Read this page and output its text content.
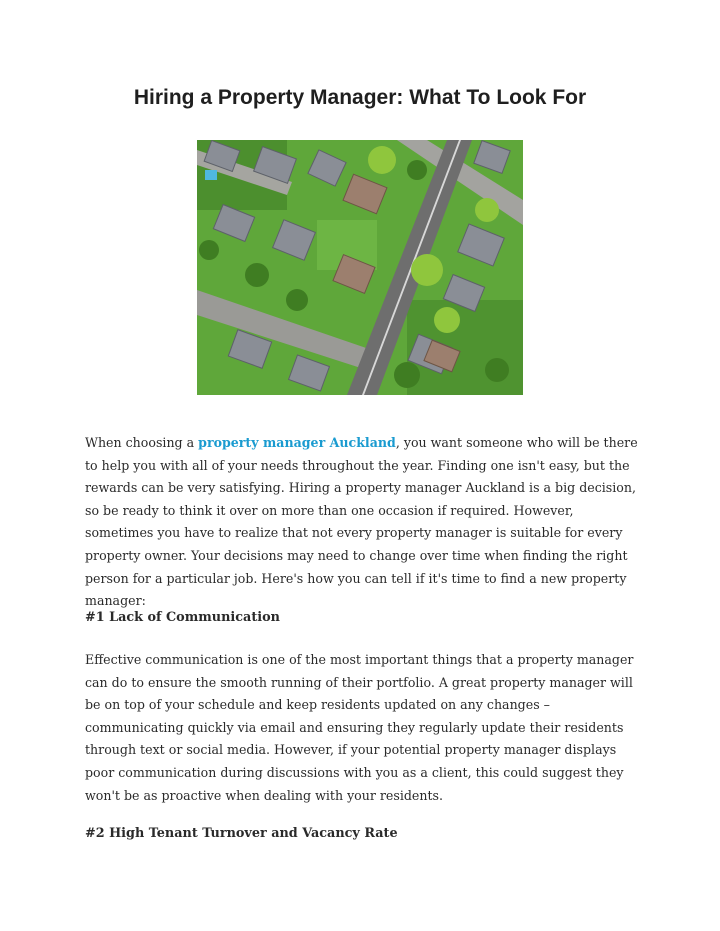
Hiring a Property Manager: What To Look For
When choosing a property manager Auckland, you want someone who will be there to help you with all of your needs throughout the year. Finding one isn't easy, but the rewards can be very satisfying. Hiring a property manager Auckland is a big decision, so be ready to think it over on more than one occasion if required. However, sometimes you have to realize that not every property manager is suitable for every property owner. Your decisions may need to change over time when finding the right person for a particular job. Here's how you can tell if it's time to find a new property manager:
#1 Lack of Communication
Effective communication is one of the most important things that a property manager can do to ensure the smooth running of their portfolio. A great property manager will be on top of your schedule and keep residents updated on any changes – communicating quickly via email and ensuring they regularly update their residents through text or social media. However, if your potential property manager displays poor communication during discussions with you as a client, this could suggest they won't be as proactive when dealing with your residents.
#2 High Tenant Turnover and Vacancy Rate
